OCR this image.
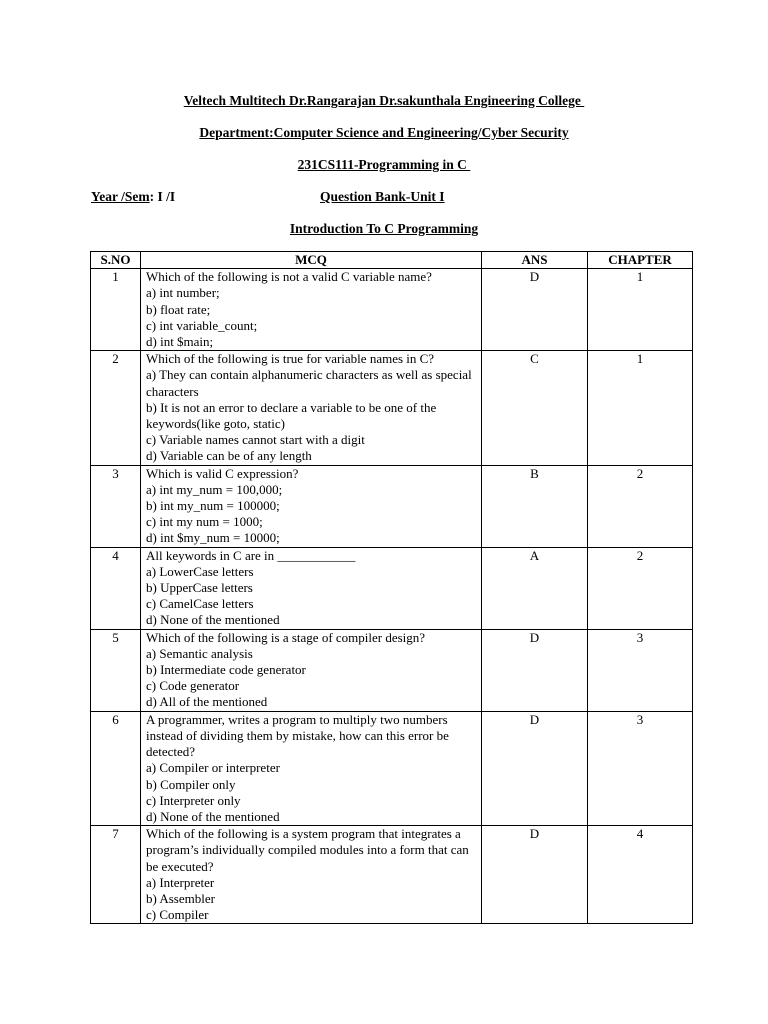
Veltech Multitech Dr.Rangarajan Dr.sakunthala Engineering College
Department:Computer Science and Engineering/Cyber Security
231CS111-Programming in C
Year /Sem: I /I	Question Bank-Unit I
Introduction To C Programming
S.NO	MCQ	ANS	CHAPTER
1	Which of the following is not a valid C variable name?
a) int number;
b) float rate;
c) int variable_count;
d) int $main;	D	1
2	Which of the following is true for variable names in C?
a) They can contain alphanumeric characters as well as special characters
b) It is not an error to declare a variable to be one of the keywords(like goto, static)
c) Variable names cannot start with a digit
d) Variable can be of any length	C	1
3	Which is valid C expression?
a) int my_num = 100,000;
b) int my_num = 100000;
c) int my num = 1000;
d) int $my_num = 10000;	B	2
4	All keywords in C are in ____________
a) LowerCase letters
b) UpperCase letters
c) CamelCase letters
d) None of the mentioned	A	2
5	Which of the following is a stage of compiler design?
a) Semantic analysis
b) Intermediate code generator
c) Code generator
d) All of the mentioned	D	3
6	A programmer, writes a program to multiply two numbers instead of dividing them by mistake, how can this error be detected?
a) Compiler or interpreter
b) Compiler only
c) Interpreter only
d) None of the mentioned	D	3
7	Which of the following is a system program that integrates a program’s individually compiled modules into a form that can be executed?
a) Interpreter
b) Assembler
c) Compiler	D	4
